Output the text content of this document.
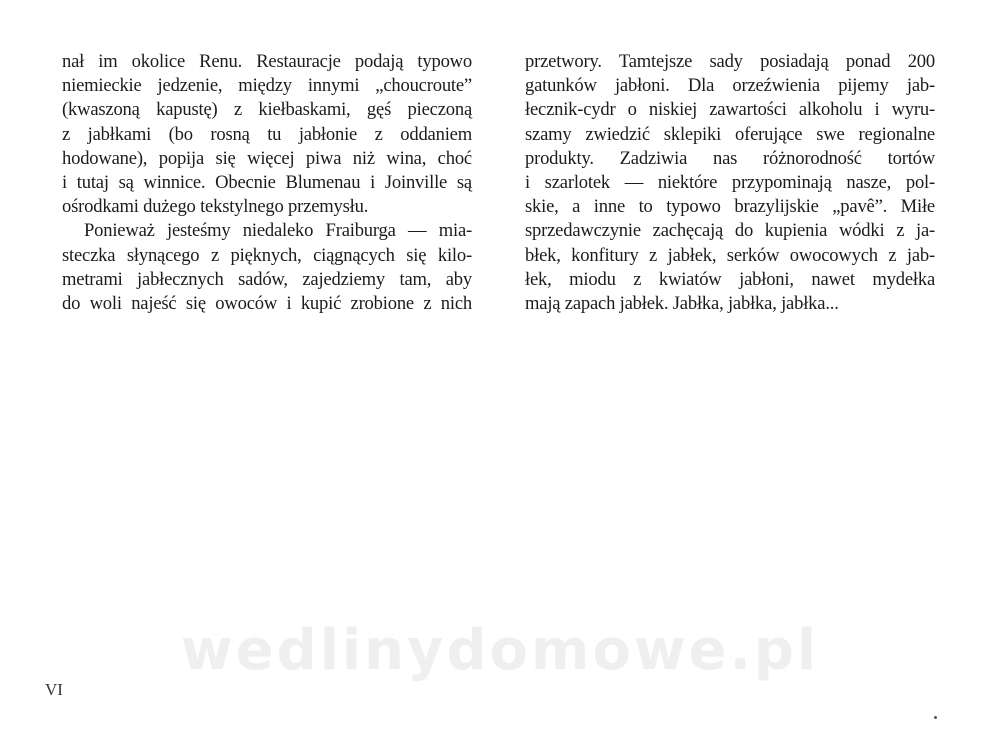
nał im okolice Renu. Restauracje podają typowo
niemieckie jedzenie, między innymi „choucroute”
(kwaszoną kapustę) z kiełbaskami, gęś pieczoną
z jabłkami (bo rosną tu jabłonie z oddaniem
hodowane), popija się więcej piwa niż wina, choć
i tutaj są winnice. Obecnie Blumenau i Joinville są
ośrodkami dużego tekstylnego przemysłu.
Ponieważ jesteśmy niedaleko Fraiburga — mia-
steczka słynącego z pięknych, ciągnących się kilo-
metrami jabłecznych sadów, zajedziemy tam, aby
do woli najeść się owoców i kupić zrobione z nich
przetwory. Tamtejsze sady posiadają ponad 200
gatunków jabłoni. Dla orzeźwienia pijemy jab-
łecznik-cydr o niskiej zawartości alkoholu i wyru-
szamy zwiedzić sklepiki oferujące swe regionalne
produkty. Zadziwia nas różnorodność tortów
i szarlotek — niektóre przypominają nasze, pol-
skie, a inne to typowo brazylijskie „pavê”. Miłe
sprzedawczynie zachęcają do kupienia wódki z ja-
błek, konfitury z jabłek, serków owocowych z jab-
łek, miodu z kwiatów jabłoni, nawet mydełka
mają zapach jabłek. Jabłka, jabłka, jabłka...
wedlinydomowe.pl
VI
